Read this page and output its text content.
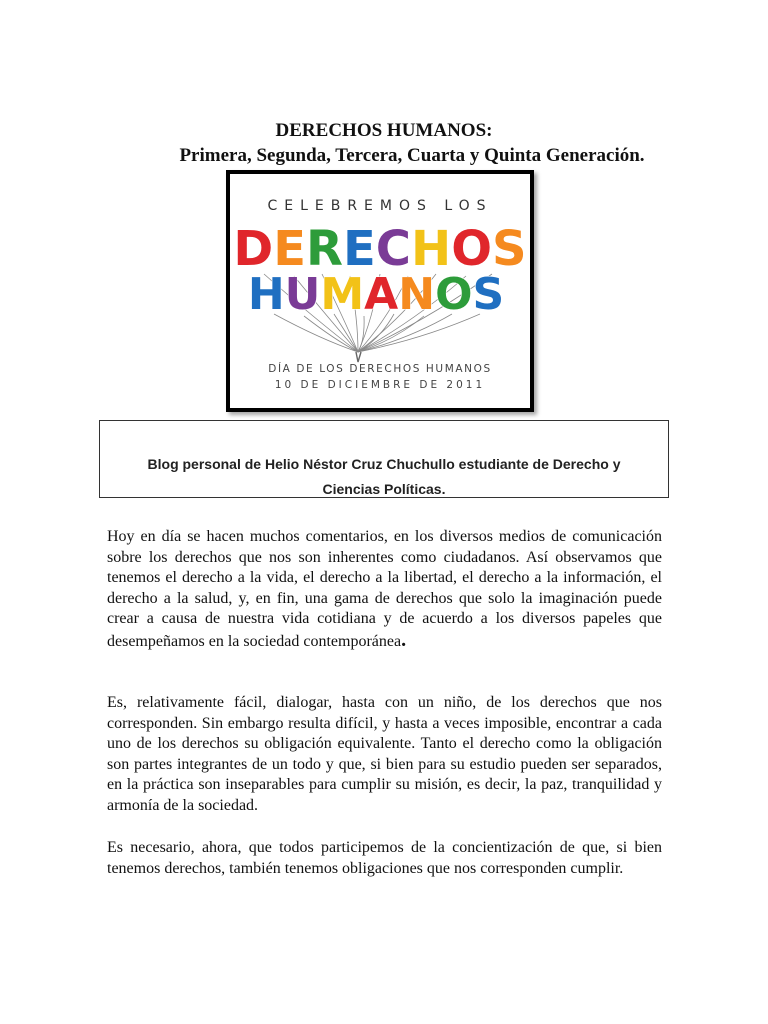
DERECHOS HUMANOS:
Primera, Segunda, Tercera, Cuarta y Quinta Generación.
CELEBREMOS LOS
DERECHOS
HUMANOS
DÍA DE LOS DERECHOS HUMANOS
10 DE DICIEMBRE DE 2011
Blog personal de Helio Néstor Cruz Chuchullo estudiante de Derecho y
Ciencias Políticas.

Hoy en día se hacen muchos comentarios, en los diversos medios de comunicación sobre los derechos que nos son inherentes como ciudadanos. Así observamos que tenemos el derecho a la vida, el derecho a la libertad, el derecho a la información, el derecho a la salud, y, en fin, una gama de derechos que solo la imaginación puede crear a causa de nuestra vida cotidiana y de acuerdo a los diversos papeles que desempeñamos en la sociedad contemporánea.

Es, relativamente fácil, dialogar, hasta con un niño, de los derechos que nos corresponden. Sin embargo resulta difícil, y hasta a veces imposible, encontrar a cada uno de los derechos su obligación equivalente. Tanto el derecho como la obligación son partes integrantes de un todo y que, si bien para su estudio pueden ser separados, en la práctica son inseparables para cumplir su misión, es decir, la paz, tranquilidad y armonía de la sociedad.

Es necesario, ahora, que todos participemos de la concientización de que, si bien tenemos derechos, también tenemos obligaciones que nos corresponden cumplir.
